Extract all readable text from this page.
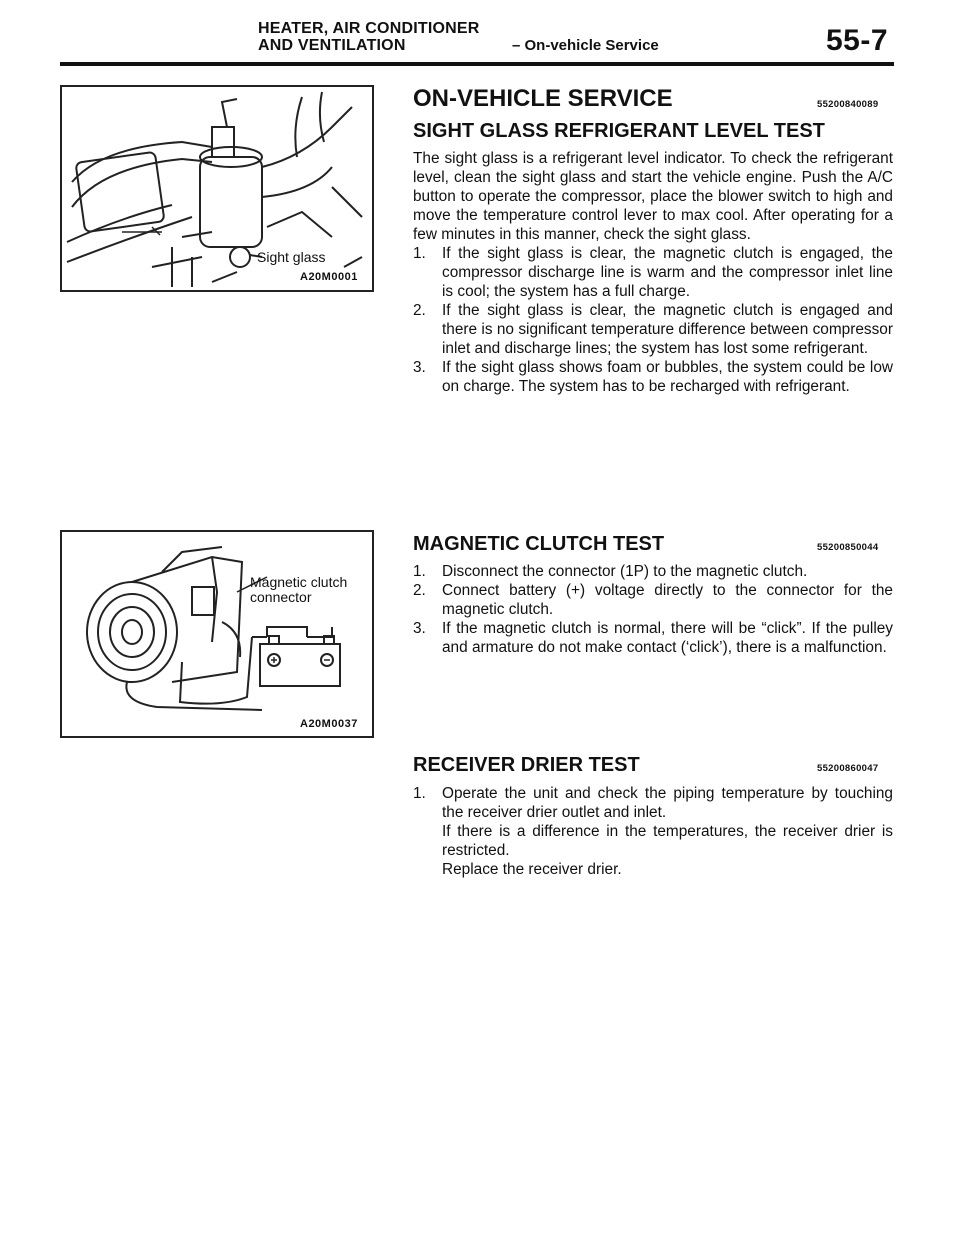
HEATER, AIR CONDITIONER
AND VENTILATION	– On-vehicle Service	55-7
Sight glass
A20M0001
Magnetic clutch
connector
A20M0037
ON-VEHICLE SERVICE	55200840089
SIGHT GLASS REFRIGERANT LEVEL TEST

The sight glass is a refrigerant level indicator. To check the refrigerant level, clean the sight glass and start the vehicle engine. Push the A/C button to operate the compressor, place the blower switch to high and move the temperature control lever to max cool. After operating for a few minutes in this manner, check the sight glass.

1.	If the sight glass is clear, the magnetic clutch is engaged, the compressor discharge line is warm and the compressor inlet line is cool; the system has a full charge.
2.	If the sight glass is clear, the magnetic clutch is engaged and there is no significant temperature difference between compressor inlet and discharge lines; the system has lost some refrigerant.
3.	If the sight glass shows foam or bubbles, the system could be low on charge. The system has to be recharged with refrigerant.
MAGNETIC CLUTCH TEST	55200850044
1.	Disconnect the connector (1P) to the magnetic clutch.
2.	Connect battery (+) voltage directly to the connector for the magnetic clutch.
3.	If the magnetic clutch is normal, there will be “click”. If the pulley and armature do not make contact (‘click’), there is a malfunction.
RECEIVER DRIER TEST	55200860047
1.	Operate the unit and check the piping temperature by touching the receiver drier outlet and inlet.

If there is a difference in the temperatures, the receiver drier is restricted.

Replace the receiver drier.
